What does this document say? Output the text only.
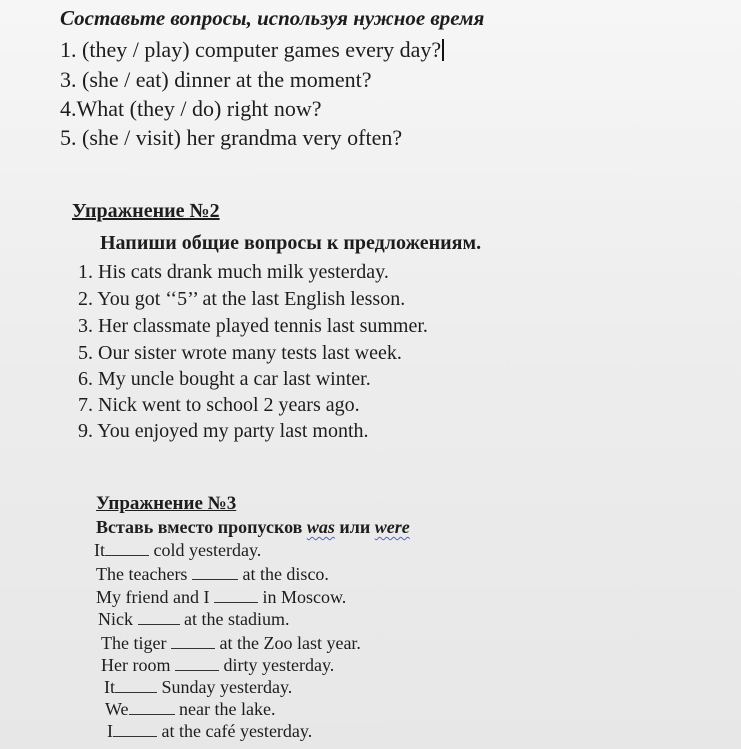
Составьте вопросы, используя нужное время
1. (they / play) computer games every day?
3. (she / eat) dinner at the moment?
4.What (they / do) right now?
5. (she / visit) her grandma very often?
Упражнение №2
Напиши общие вопросы к предложениям.
1. His cats drank much milk yesterday.
2. You got ‘‘5’’ at the last English lesson.
3. Her classmate played tennis last summer.
5. Our sister wrote many tests last week.
6. My uncle bought a car last winter.
7. Nick went to school 2 years ago.
9. You enjoyed my party last month.
Упражнение №3
Вставь вместо пропусков was или were
It	cold yesterday.
The teachers	at the disco.
My friend and I	in Moscow.
Nick	at the stadium.
The tiger	at the Zoo last year.
Her room	dirty yesterday.
It	Sunday yesterday.
We	near the lake.
I	at the café yesterday.
